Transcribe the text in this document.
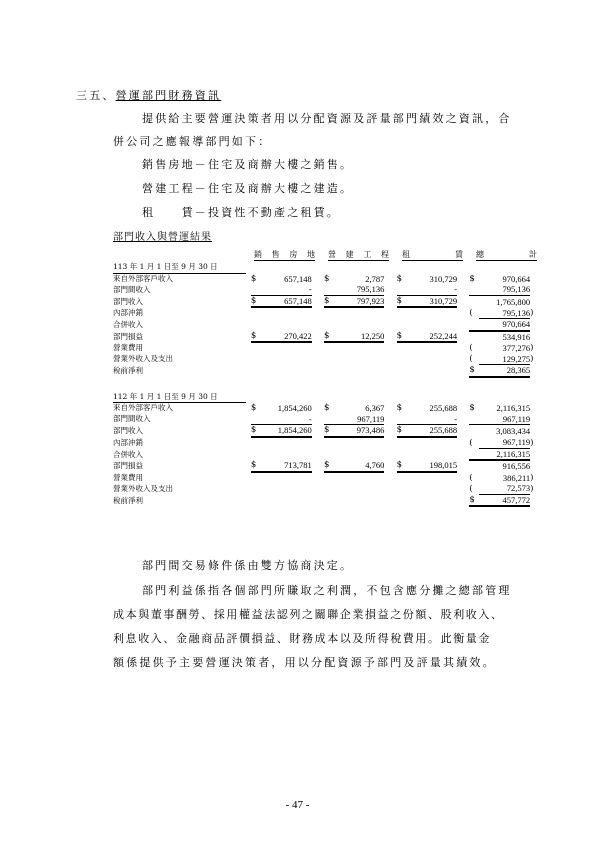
三五、營運部門財務資訊
提供給主要營運決策者用以分配資源及評量部門績效之資訊，合
併公司之應報導部門如下：
銷售房地－住宅及商辦大樓之銷售。
營建工程－住宅及商辦大樓之建造。
租　　賃－投資性不動產之租賃。
部門收入與營運結果
銷售房地 營建工程 租賃 總計
113 年 1 月 1 日至 9 月 30 日																
來自外部客戶收入		$	657,148			$	2,787			$	310,729			$	970,664	
部門間收入			-				795,136				-				795,136	
部門收入		$	657,148			$	797,923			$	310,729				1,765,800	
內部沖銷														(	795,136	)
合併收入															970,664	
部門損益		$	270,422			$	12,250			$	252,244				534,916	
營業費用														(	377,276	)
營業外收入及支出														(	129,275	)
稅前淨利														$	28,365	

112 年 1 月 1 日至 9 月 30 日																
來自外部客戶收入		$	1,854,260			$	6,367			$	255,688			$	2,116,315	
部門間收入			-				967,119				-				967,119	
部門收入		$	1,854,260			$	973,486			$	255,688				3,083,434	
內部沖銷														(	967,119	)
合併收入															2,116,315	
部門損益		$	713,781			$	4,760			$	198,015				916,556	
營業費用														(	386,211	)
營業外收入及支出														(	72,573	)
稅前淨利														$	457,772	
部門間交易條件係由雙方協商決定。
部門利益係指各個部門所賺取之利潤，不包含應分攤之總部管理
成本與董事酬勞、採用權益法認列之關聯企業損益之份額、股利收入、
利息收入、金融商品評價損益、財務成本以及所得稅費用。此衡量金
額係提供予主要營運決策者，用以分配資源予部門及評量其績效。
- 47 -
